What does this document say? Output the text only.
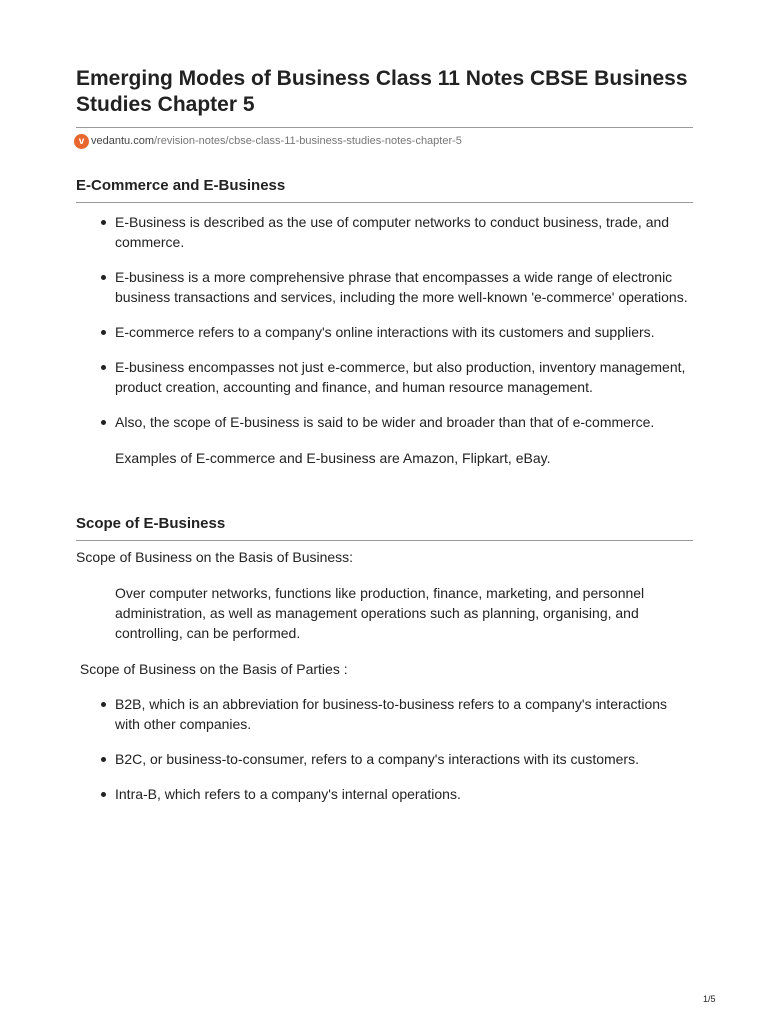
Emerging Modes of Business Class 11 Notes CBSE Business Studies Chapter 5
v vedantu.com /revision-notes/cbse-class-11-business-studies-notes-chapter-5
E-Commerce and E-Business
E-Business is described as the use of computer networks to conduct business, trade, and commerce.
E-business is a more comprehensive phrase that encompasses a wide range of electronic business transactions and services, including the more well-known 'e-commerce' operations.
E-commerce refers to a company's online interactions with its customers and suppliers.
E-business encompasses not just e-commerce, but also production, inventory management, product creation, accounting and finance, and human resource management.
Also, the scope of E-business is said to be wider and broader than that of e-commerce.
Examples of E-commerce and E-business are Amazon, Flipkart, eBay.
Scope of E-Business
Scope of Business on the Basis of Business:
Over computer networks, functions like production, finance, marketing, and personnel administration, as well as management operations such as planning, organising, and controlling, can be performed.
Scope of Business on the Basis of Parties :
B2B, which is an abbreviation for business-to-business refers to a company's interactions with other companies.
B2C, or business-to-consumer, refers to a company's interactions with its customers.
Intra-B, which refers to a company's internal operations.
1/5
